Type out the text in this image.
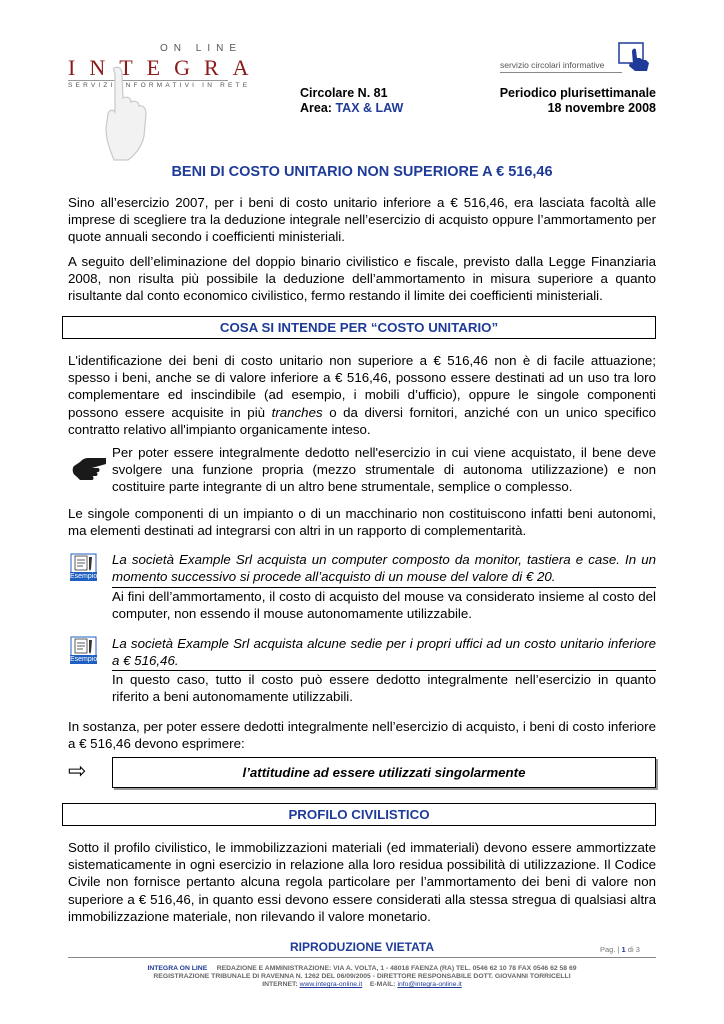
ON LINE
INTEGRA
SERVIZI INFORMATIVI IN RETE
servizio circolari informative
Circolare N. 81
Area: TAX & LAW
Periodico plurisettimanale
18 novembre 2008
BENI DI COSTO UNITARIO NON SUPERIORE A € 516,46
Sino all’esercizio 2007, per i beni di costo unitario inferiore a € 516,46, era lasciata facoltà alle imprese di scegliere tra la deduzione integrale nell’esercizio di acquisto oppure l’ammortamento per quote annuali secondo i coefficienti ministeriali.
A seguito dell’eliminazione del doppio binario civilistico e fiscale, previsto dalla Legge Finanziaria 2008, non risulta più possibile la deduzione dell’ammortamento in misura superiore a quanto risultante dal conto economico civilistico, fermo restando il limite dei coefficienti ministeriali.
COSA SI INTENDE PER “COSTO UNITARIO”
L'identificazione dei beni di costo unitario non superiore a € 516,46 non è di facile attuazione; spesso i beni, anche se di valore inferiore a € 516,46, possono essere destinati ad un uso tra loro complementare ed inscindibile (ad esempio, i mobili d’ufficio), oppure le singole componenti possono essere acquisite in più tranches o da diversi fornitori, anziché con un unico specifico contratto relativo all'impianto organicamente inteso.
Per poter essere integralmente dedotto nell'esercizio in cui viene acquistato, il bene deve svolgere una funzione propria (mezzo strumentale di autonoma utilizzazione) e non costituire parte integrante di un altro bene strumentale, semplice o complesso.
Le singole componenti di un impianto o di un macchinario non costituiscono infatti beni autonomi, ma elementi destinati ad integrarsi con altri in un rapporto di complementarità.
Esempio
La società Example Srl acquista un computer composto da monitor, tastiera e case. In un momento successivo si procede all’acquisto di un mouse del valore di € 20.
Ai fini dell’ammortamento, il costo di acquisto del mouse va considerato insieme al costo del computer, non essendo il mouse autonomamente utilizzabile.
Esempio
La società Example Srl acquista alcune sedie per i propri uffici ad un costo unitario inferiore a € 516,46.
In questo caso, tutto il costo può essere dedotto integralmente nell’esercizio in quanto riferito a beni autonomamente utilizzabili.
In sostanza, per poter essere dedotti integralmente nell’esercizio di acquisto, i beni di costo inferiore a € 516,46 devono esprimere:
⇨	l’attitudine ad essere utilizzati singolarmente
PROFILO CIVILISTICO
Sotto il profilo civilistico, le immobilizzazioni materiali (ed immateriali) devono essere ammortizzate sistematicamente in ogni esercizio in relazione alla loro residua possibilità di utilizzazione. Il Codice Civile non fornisce pertanto alcuna regola particolare per l’ammortamento dei beni di valore non superiore a € 516,46, in quanto essi devono essere considerati alla stessa stregua di qualsiasi altra immobilizzazione materiale, non rilevando il valore monetario.
RIPRODUZIONE VIETATA	Pag. | 1 di 3
INTEGRA ON LINE REDAZIONE E AMMINISTRAZIONE: VIA A. VOLTA, 1 - 48018 FAENZA (RA) TEL. 0546 62 10 78 FAX 0546 62 58 69
REGISTRAZIONE TRIBUNALE DI RAVENNA N. 1262 DEL 06/09/2005 - DIRETTORE RESPONSABILE DOTT. GIOVANNI TORRICELLI
INTERNET: www.integra-online.it E-MAIL: info@integra-online.it
